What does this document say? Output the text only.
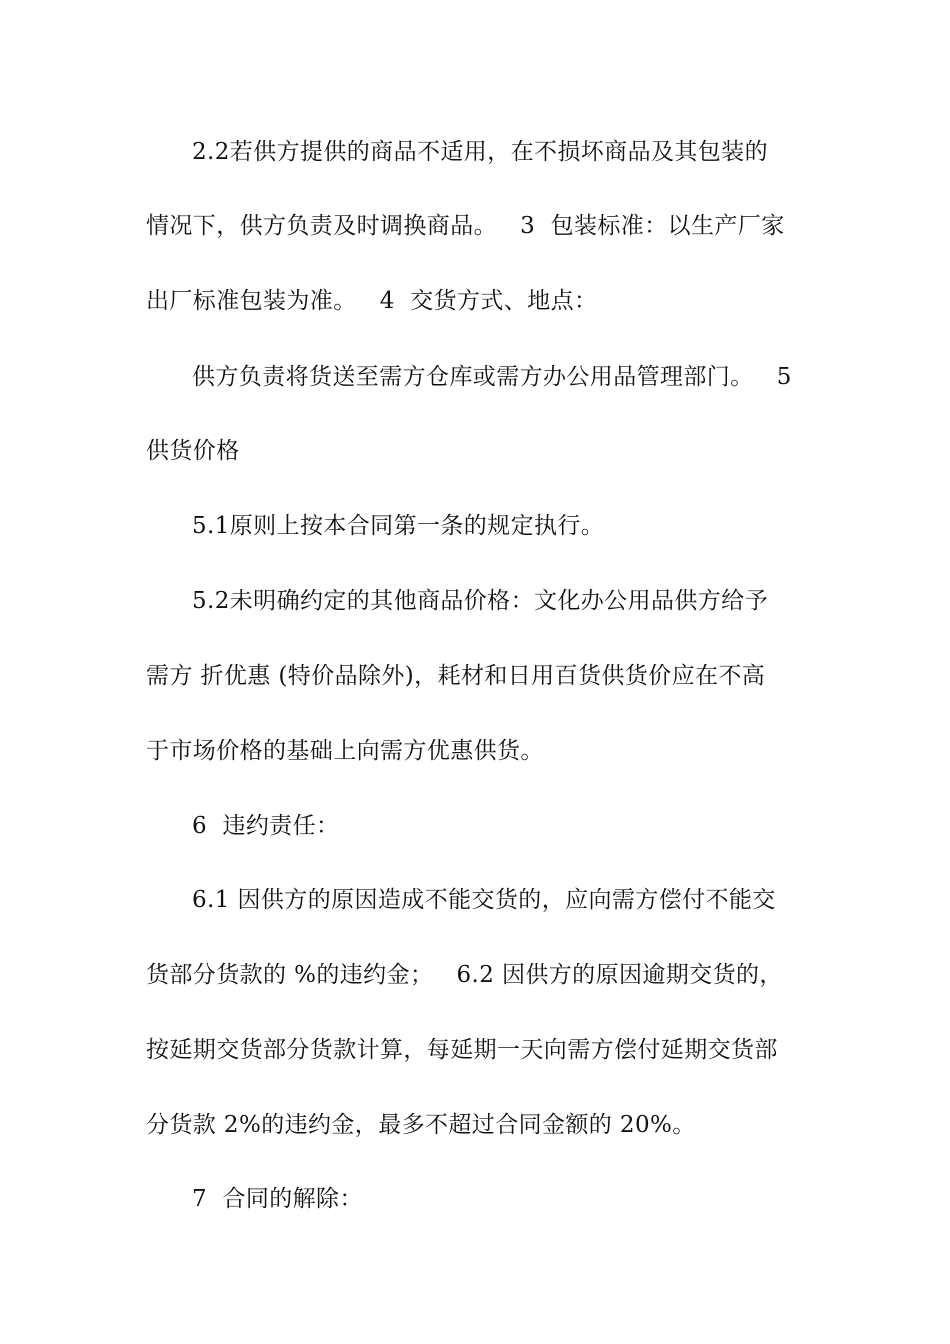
2.2若供方提供的商品不适用，在不损坏商品及其包装的
情况下，供方负责及时调换商品。   3  包装标准：以生产厂家
出厂标准包装为准。   4  交货方式、地点：
供方负责将货送至需方仓库或需方办公用品管理部门。   5
供货价格
5.1原则上按本合同第一条的规定执行。
5.2未明确约定的其他商品价格：文化办公用品供方给予
需方 折优惠 (特价品除外)，耗材和日用百货供货价应在不高
于市场价格的基础上向需方优惠供货。
6  违约责任：
6.1 因供方的原因造成不能交货的，应向需方偿付不能交
货部分货款的 %的违约金；   6.2 因供方的原因逾期交货的，
按延期交货部分货款计算，每延期一天向需方偿付延期交货部
分货款 2%的违约金，最多不超过合同金额的 20%。
7  合同的解除：
